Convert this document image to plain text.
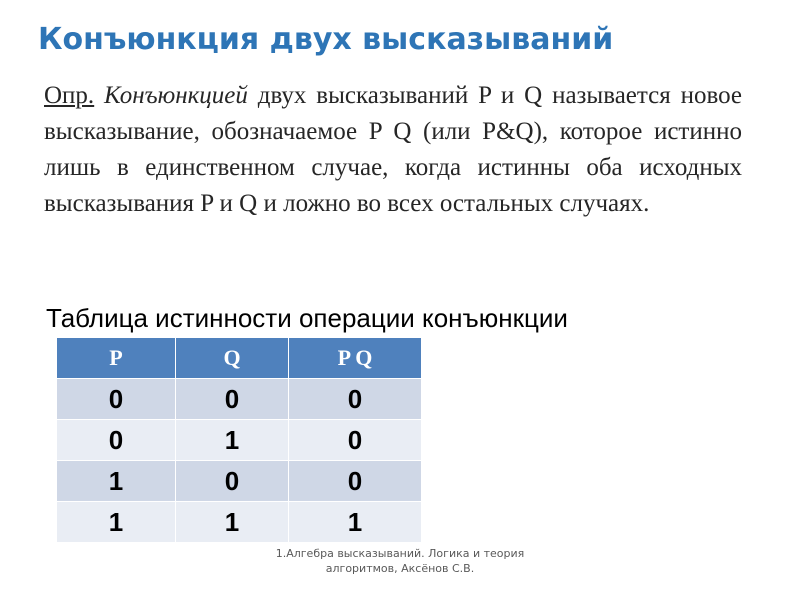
Конъюнкция двух высказываний

Опр. Конъюнкцией двух высказываний P и Q называется новое высказывание, обозначаемое P Q (или P&Q), которое истинно лишь в единственном случае, когда истинны оба исходных высказывания P и Q и ложно во всех остальных случаях.

Таблица истинности операции конъюнкции

P	Q	P Q
0	0	0
0	1	0
1	0	0
1	1	1

1.Алгебра высказываний. Логика и теория алгоритмов, Аксёнов С.В.
